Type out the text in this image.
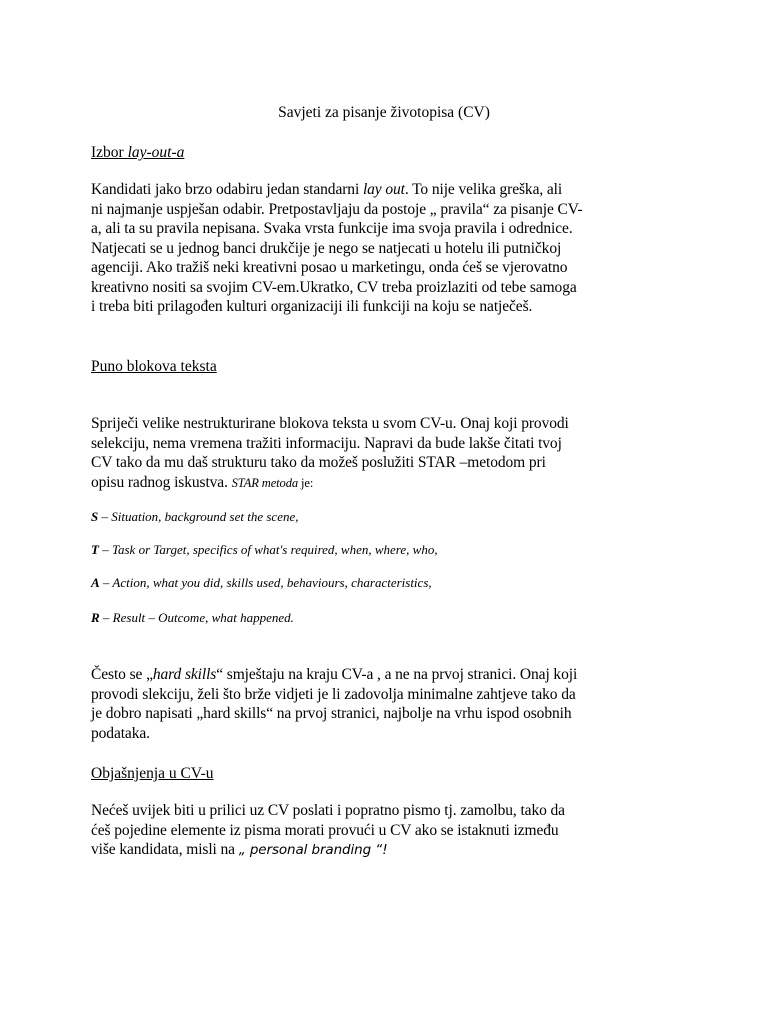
Savjeti za pisanje životopisa (CV)
Izbor lay-out-a
Kandidati jako brzo odabiru jedan standarni lay out. To nije velika greška, ali
ni najmanje uspješan odabir. Pretpostavljaju da postoje „ pravila“ za pisanje CV-
a, ali ta su pravila nepisana. Svaka vrsta funkcije ima svoja pravila i odrednice.
Natjecati se u jednog banci drukčije je nego se natjecati u hotelu ili putničkoj
agenciji. Ako tražiš neki kreativni posao u marketingu, onda ćeš se vjerovatno
kreativno nositi sa svojim CV-em.Ukratko, CV treba proizlaziti od tebe samoga
i treba biti prilagođen kulturi organizaciji ili funkciji na koju se natječeš.
Puno blokova teksta
Spriječi velike nestrukturirane blokova teksta u svom CV-u. Onaj koji provodi
selekciju, nema vremena tražiti informaciju. Napravi da bude lakše čitati tvoj
CV tako da mu daš strukturu tako da možeš poslužiti STAR –metodom pri
opisu radnog iskustva. STAR metoda je:
S – Situation, background set the scene,
T – Task or Target, specifics of what's required, when, where, who,
A – Action, what you did, skills used, behaviours, characteristics,
R – Result – Outcome, what happened.
Često se „hard skills“ smještaju na kraju CV-a , a ne na prvoj stranici. Onaj koji
provodi slekciju, želi što brže vidjeti je li zadovolja minimalne zahtjeve tako da
je dobro napisati „hard skills“ na prvoj stranici, najbolje na vrhu ispod osobnih
podataka.
Objašnjenja u CV-u
Nećeš uvijek biti u prilici uz CV poslati i popratno pismo tj. zamolbu, tako da
ćeš pojedine elemente iz pisma morati provući u CV ako se istaknuti između
više kandidata, misli na „ personal branding “!
